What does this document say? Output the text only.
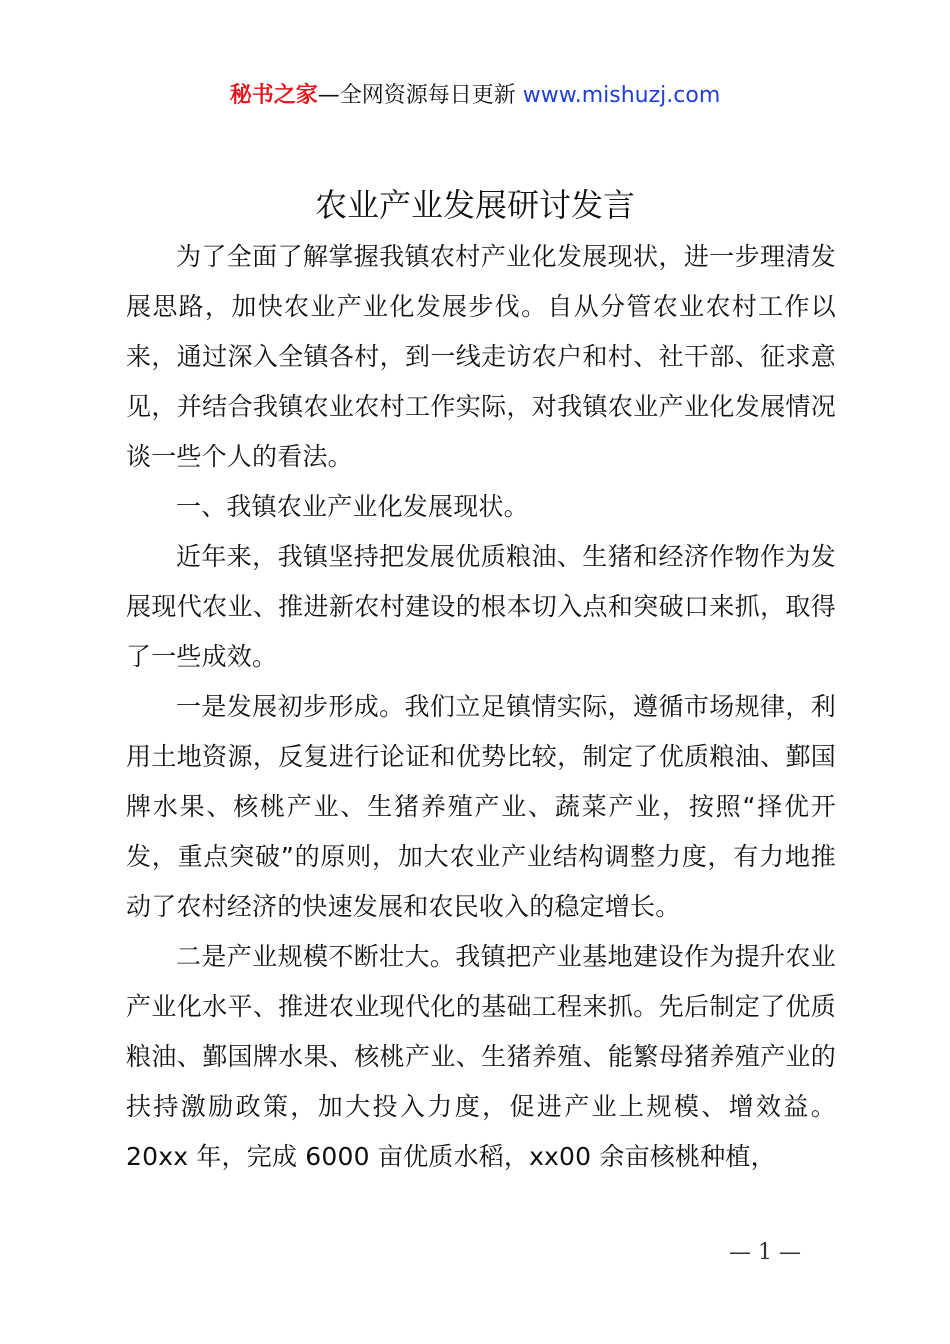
秘书之家—全网资源每日更新 www.mishuzj.com
农业产业发展研讨发言

为了全面了解掌握我镇农村产业化发展现状，进一步理清发展思路，加快农业产业化发展步伐。自从分管农业农村工作以来，通过深入全镇各村，到一线走访农户和村、社干部、征求意见，并结合我镇农业农村工作实际，对我镇农业产业化发展情况谈一些个人的看法。

一、我镇农业产业化发展现状。

近年来，我镇坚持把发展优质粮油、生猪和经济作物作为发展现代农业、推进新农村建设的根本切入点和突破口来抓，取得了一些成效。

一是发展初步形成。我们立足镇情实际，遵循市场规律，利用土地资源，反复进行论证和优势比较，制定了优质粮油、鄞国牌水果、核桃产业、生猪养殖产业、蔬菜产业，按照“择优开发，重点突破”的原则，加大农业产业结构调整力度，有力地推动了农村经济的快速发展和农民收入的稳定增长。

二是产业规模不断壮大。我镇把产业基地建设作为提升农业产业化水平、推进农业现代化的基础工程来抓。先后制定了优质粮油、鄞国牌水果、核桃产业、生猪养殖、能繁母猪养殖产业的扶持激励政策，加大投入力度，促进产业上规模、增效益。20xx 年，完成 6000 亩优质水稻，xx00 余亩核桃种植，

— 1 —
